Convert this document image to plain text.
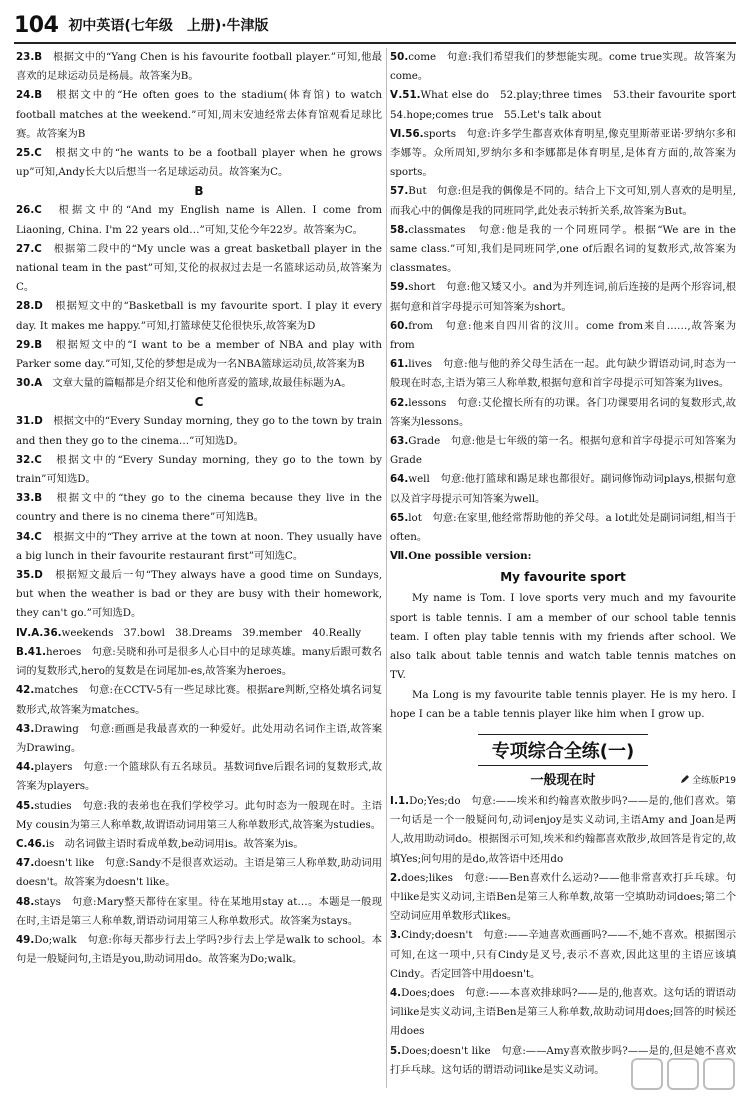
104 初中英语(七年级　上册)·牛津版

23.B　根据文中的“Yang Chen is his favourite football player.”可知,他最喜欢的足球运动员是杨晨。故答案为B。

24.B　根据文中的“He often goes to the stadium(体育馆) to watch football matches at the weekend.”可知,周末安迪经常去体育馆观看足球比赛。故答案为B

25.C　根据文中的“he wants to be a football player when he grows up”可知,Andy长大以后想当一名足球运动员。故答案为C。

B

26.C　根据文中的“And my English name is Allen. I come from Liaoning, China. I'm 22 years old…”可知,艾伦今年22岁。故答案为C。

27.C　根据第二段中的“My uncle was a great basketball player in the national team in the past”可知,艾伦的叔叔过去是一名篮球运动员,故答案为C。

28.D　根据短文中的“Basketball is my favourite sport. I play it every day. It makes me happy.”可知,打篮球使艾伦很快乐,故答案为D

29.B　根据短文中的“I want to be a member of NBA and play with Parker some day.”可知,艾伦的梦想是成为一名NBA篮球运动员,故答案为B

30.A　文章大量的篇幅都是介绍艾伦和他所喜爱的篮球,故最佳标题为A。

C

31.D　根据文中的“Every Sunday morning, they go to the town by train and then they go to the cinema…”可知选D。

32.C　根据文中的“Every Sunday morning, they go to the town by train”可知选D。

33.B　根据文中的“they go to the cinema because they live in the country and there is no cinema there”可知选B。

34.C　根据文中的“They arrive at the town at noon. They usually have a big lunch in their favourite restaurant first”可知选C。

35.D　根据短文最后一句“They always have a good time on Sundays, but when the weather is bad or they are busy with their homework, they can't go.”可知选D。

Ⅳ.A.36.weekends　37.bowl　38.Dreams　39.member　40.Really

B.41.heroes　句意:吴晓和孙可是很多人心目中的足球英雄。many后跟可数名词的复数形式,hero的复数是在词尾加-es,故答案为heroes。

42.matches　句意:在CCTV-5有一些足球比赛。根据are判断,空格处填名词复数形式,故答案为matches。

43.Drawing　句意:画画是我最喜欢的一种爱好。此处用动名词作主语,故答案为Drawing。

44.players　句意:一个篮球队有五名球员。基数词five后跟名词的复数形式,故答案为players。

45.studies　句意:我的表弟也在我们学校学习。此句时态为一般现在时。主语My cousin为第三人称单数,故谓语动词用第三人称单数形式,故答案为studies。

C.46.is　动名词做主语时看成单数,be动词用is。故答案为is。

47.doesn't like　句意:Sandy不是很喜欢运动。主语是第三人称单数,助动词用doesn't。故答案为doesn't like。

48.stays　句意:Mary整天都待在家里。待在某地用stay at…。本题是一般现在时,主语是第三人称单数,谓语动词用第三人称单数形式。故答案为stays。

49.Do;walk　句意:你每天都步行去上学吗?步行去上学是walk to school。本句是一般疑问句,主语是you,助动词用do。故答案为Do;walk。

50.come　句意:我们希望我们的梦想能实现。come true实现。故答案为come。

Ⅴ.51.What else do　52.play;three times　53.their favourite sport　54.hope;comes true　55.Let's talk about

Ⅵ.56.sports　句意:许多学生都喜欢体育明星,像克里斯蒂亚诺·罗纳尔多和李娜等。众所周知,罗纳尔多和李娜都是体育明星,是体育方面的,故答案为sports。

57.But　句意:但是我的偶像是不同的。结合上下文可知,别人喜欢的是明星,而我心中的偶像是我的同班同学,此处表示转折关系,故答案为But。

58.classmates　句意:他是我的一个同班同学。根据“We are in the same class.”可知,我们是同班同学,one of后跟名词的复数形式,故答案为classmates。

59.short　句意:他又矮又小。and为并列连词,前后连接的是两个形容词,根据句意和首字母提示可知答案为short。

60.from　句意:他来自四川省的汶川。come from来自……,故答案为from

61.lives　句意:他与他的养父母生活在一起。此句缺少谓语动词,时态为一般现在时态,主语为第三人称单数,根据句意和首字母提示可知答案为lives。

62.lessons　句意:艾伦擅长所有的功课。各门功课要用名词的复数形式,故答案为lessons。

63.Grade　句意:他是七年级的第一名。根据句意和首字母提示可知答案为Grade

64.well　句意:他打篮球和踢足球也都很好。副词修饰动词plays,根据句意以及首字母提示可知答案为well。

65.lot　句意:在家里,他经常帮助他的养父母。a lot此处是副词词组,相当于often。

Ⅶ.One possible version:

My favourite sport

My name is Tom. I love sports very much and my favourite sport is table tennis. I am a member of our school table tennis team. I often play table tennis with my friends after school. We also talk about table tennis and watch table tennis matches on TV.

Ma Long is my favourite table tennis player. He is my hero. I hope I can be a table tennis player like him when I grow up.

专项综合全练(一)
一般现在时	全练版P19

Ⅰ.1.Do;Yes;do　句意:——埃米和约翰喜欢散步吗?——是的,他们喜欢。第一句话是一个一般疑问句,动词enjoy是实义动词,主语Amy and Joan是两人,故用助动词do。根据图示可知,埃米和约翰都喜欢散步,故回答是肯定的,故填Yes;问句用的是do,故答语中还用do

2.does;likes　句意:——Ben喜欢什么运动?——他非常喜欢打乒乓球。句中like是实义动词,主语Ben是第三人称单数,故第一空填助动词does;第二个空动词应用单数形式likes。

3.Cindy;doesn't　句意:——辛迪喜欢画画吗?——不,她不喜欢。根据图示可知,在这一项中,只有Cindy是叉号,表示不喜欢,因此这里的主语应该填Cindy。否定回答中用doesn't。

4.Does;does　句意:——本喜欢排球吗?——是的,他喜欢。这句话的谓语动词like是实义动词,主语Ben是第三人称单数,故助动词用does;回答的时候还用does

5.Does;doesn't like　句意:——Amy喜欢散步吗?——是的,但是她不喜欢打乒乓球。这句话的谓语动词like是实义动词。
